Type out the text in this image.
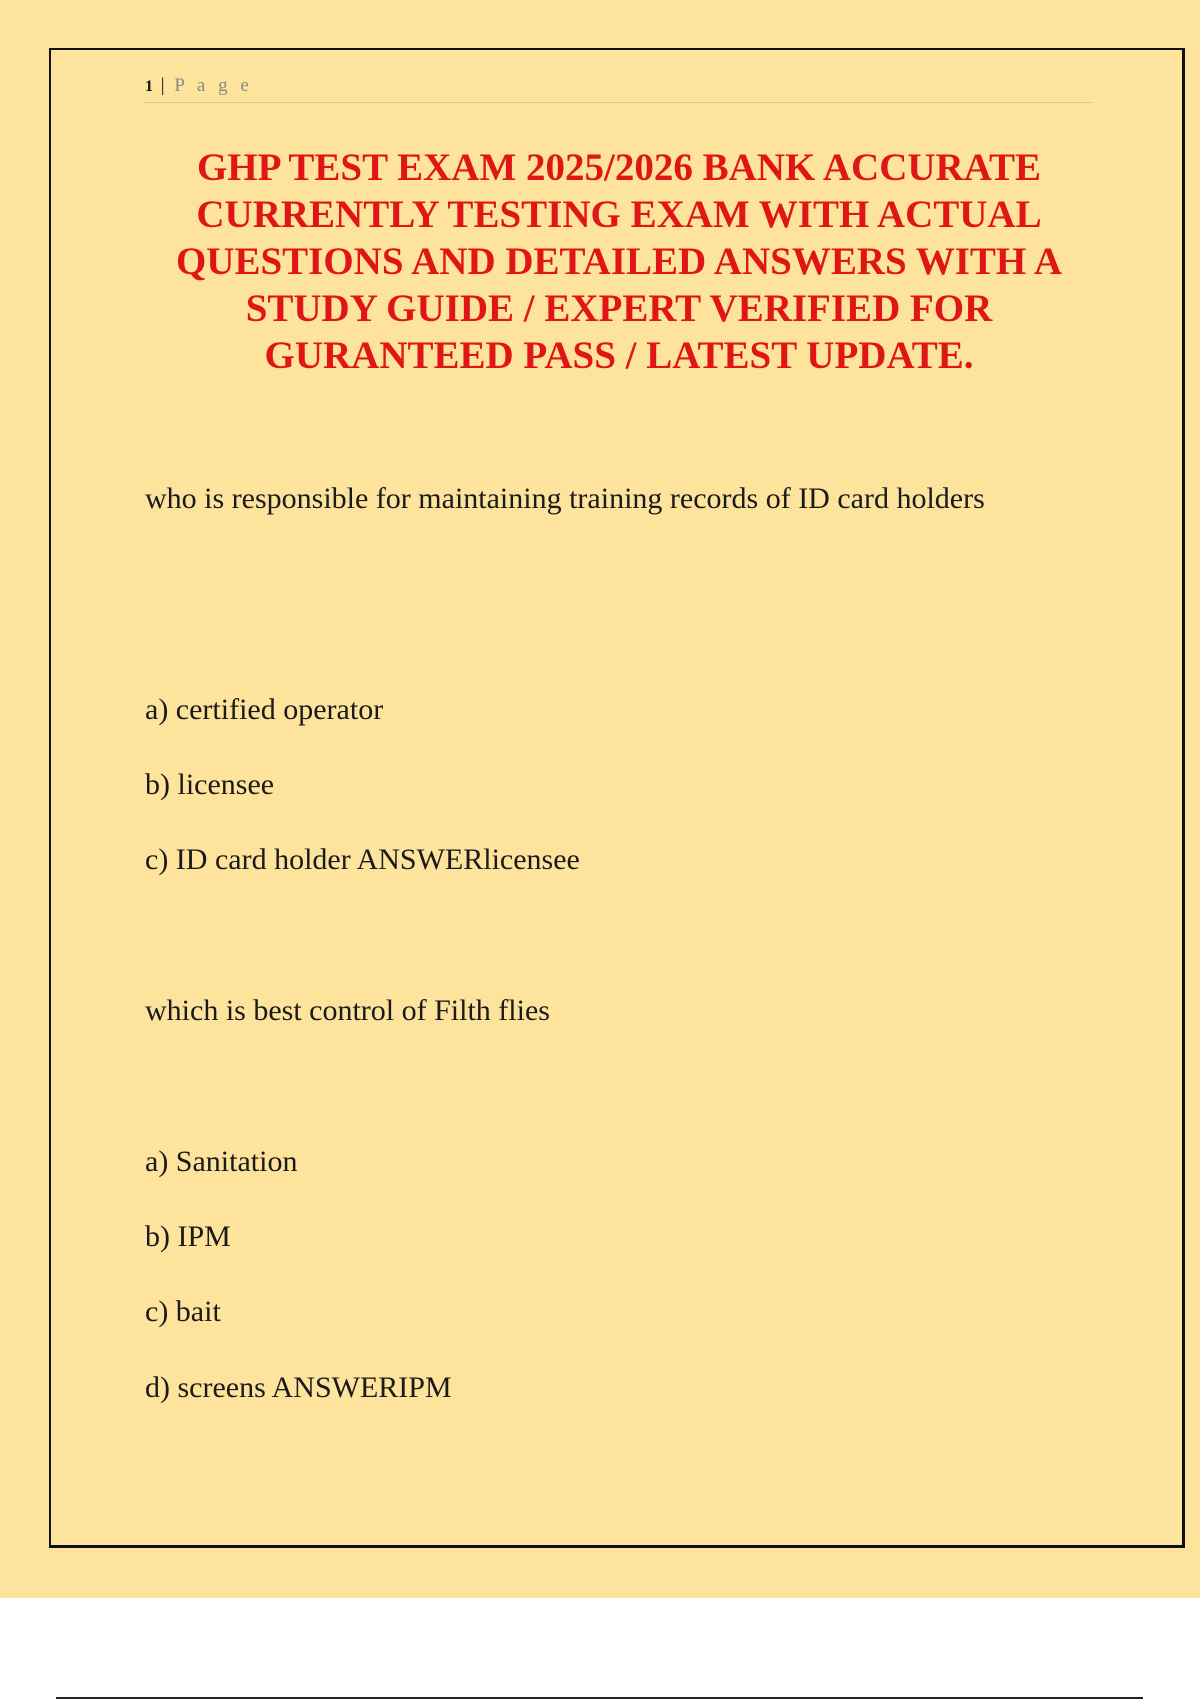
1 | P a g e
GHP TEST EXAM 2025/2026 BANK ACCURATE CURRENTLY TESTING EXAM WITH ACTUAL QUESTIONS AND DETAILED ANSWERS WITH A STUDY GUIDE / EXPERT VERIFIED FOR GURANTEED PASS / LATEST UPDATE.
who is responsible for maintaining training records of ID card holders
a) certified operator
b) licensee
c) ID card holder ANSWERlicensee
which is best control of Filth flies
a) Sanitation
b) IPM
c) bait
d) screens ANSWERIPM
